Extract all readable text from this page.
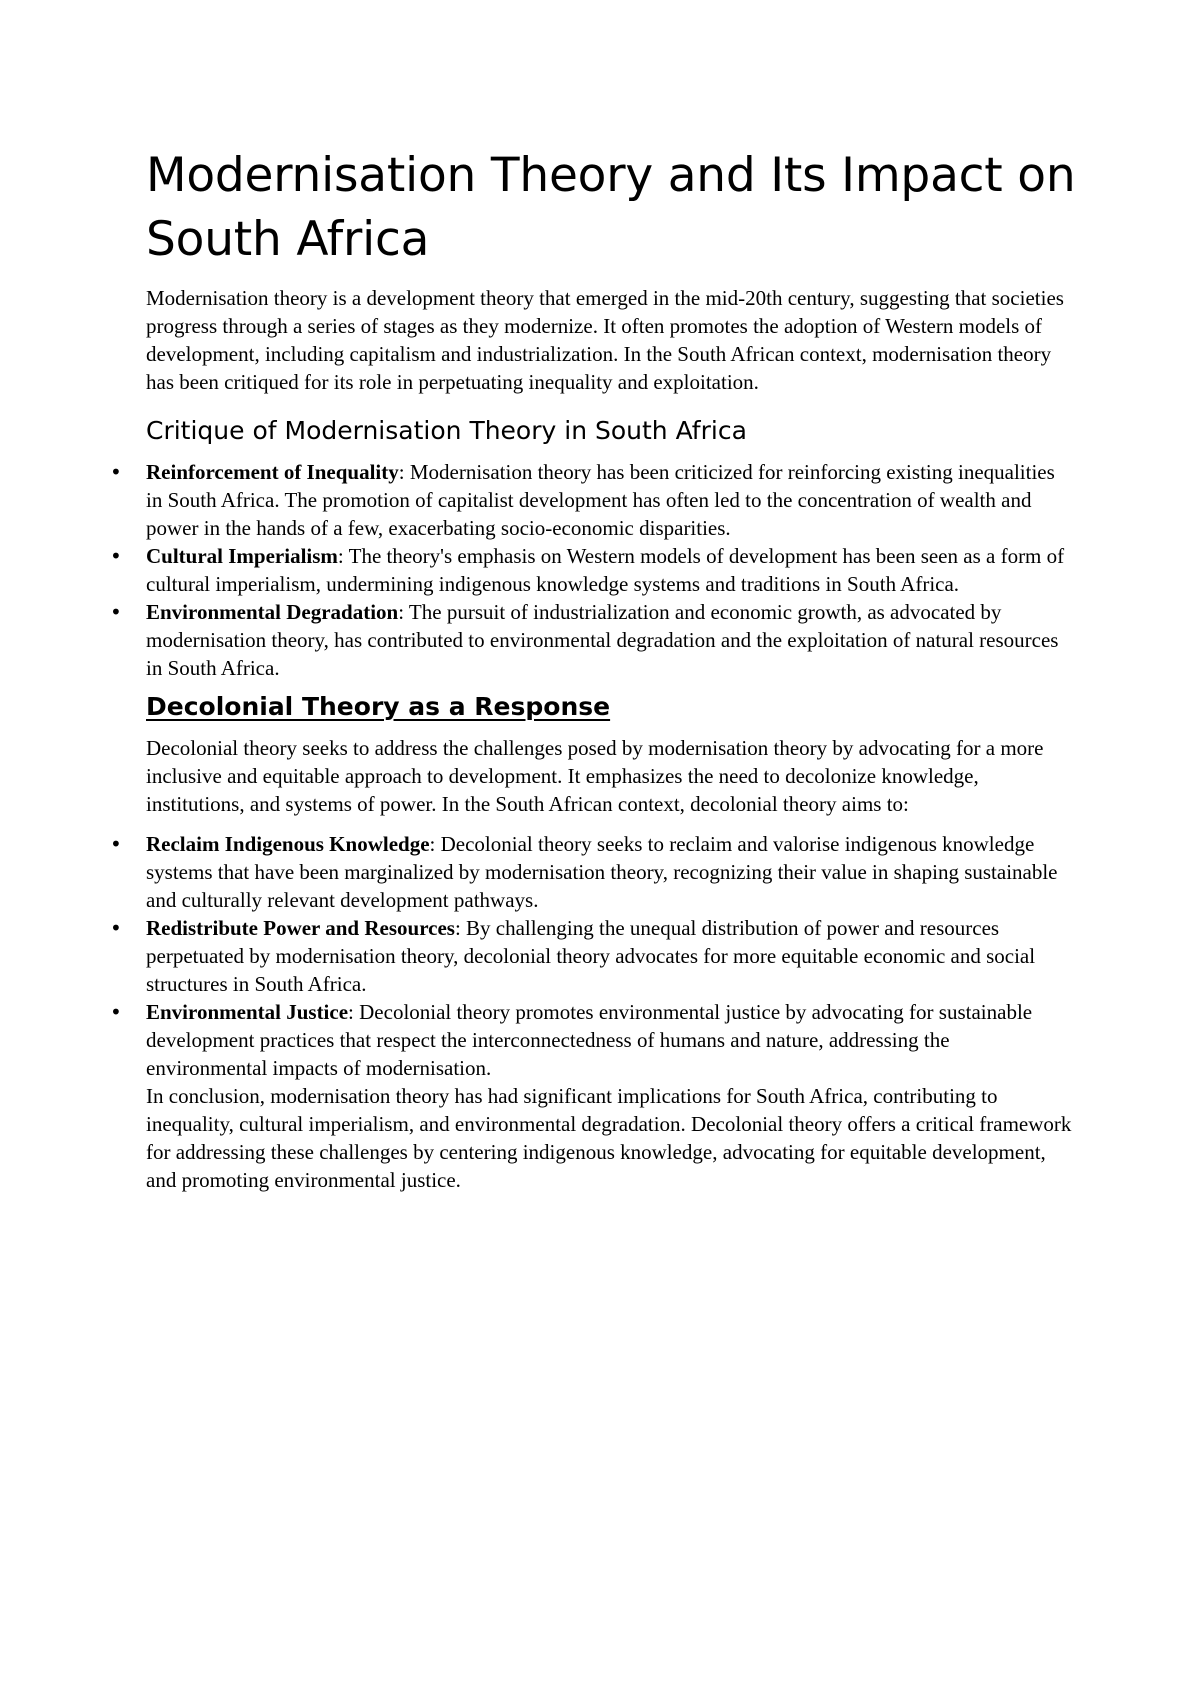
Modernisation Theory and Its Impact on South Africa

Modernisation theory is a development theory that emerged in the mid-20th century, suggesting that societies progress through a series of stages as they modernize. It often promotes the adoption of Western models of development, including capitalism and industrialization. In the South African context, modernisation theory has been critiqued for its role in perpetuating inequality and exploitation.

Critique of Modernisation Theory in South Africa
• Reinforcement of Inequality: Modernisation theory has been criticized for reinforcing existing inequalities in South Africa. The promotion of capitalist development has often led to the concentration of wealth and power in the hands of a few, exacerbating socio-economic disparities.
• Cultural Imperialism: The theory's emphasis on Western models of development has been seen as a form of cultural imperialism, undermining indigenous knowledge systems and traditions in South Africa.
• Environmental Degradation: The pursuit of industrialization and economic growth, as advocated by modernisation theory, has contributed to environmental degradation and the exploitation of natural resources in South Africa.
Decolonial Theory as a Response

Decolonial theory seeks to address the challenges posed by modernisation theory by advocating for a more inclusive and equitable approach to development. It emphasizes the need to decolonize knowledge, institutions, and systems of power. In the South African context, decolonial theory aims to:

• Reclaim Indigenous Knowledge: Decolonial theory seeks to reclaim and valorise indigenous knowledge systems that have been marginalized by modernisation theory, recognizing their value in shaping sustainable and culturally relevant development pathways.
• Redistribute Power and Resources: By challenging the unequal distribution of power and resources perpetuated by modernisation theory, decolonial theory advocates for more equitable economic and social structures in South Africa.
• Environmental Justice: Decolonial theory promotes environmental justice by advocating for sustainable development practices that respect the interconnectedness of humans and nature, addressing the environmental impacts of modernisation.

In conclusion, modernisation theory has had significant implications for South Africa, contributing to inequality, cultural imperialism, and environmental degradation. Decolonial theory offers a critical framework for addressing these challenges by centering indigenous knowledge, advocating for equitable development, and promoting environmental justice.
